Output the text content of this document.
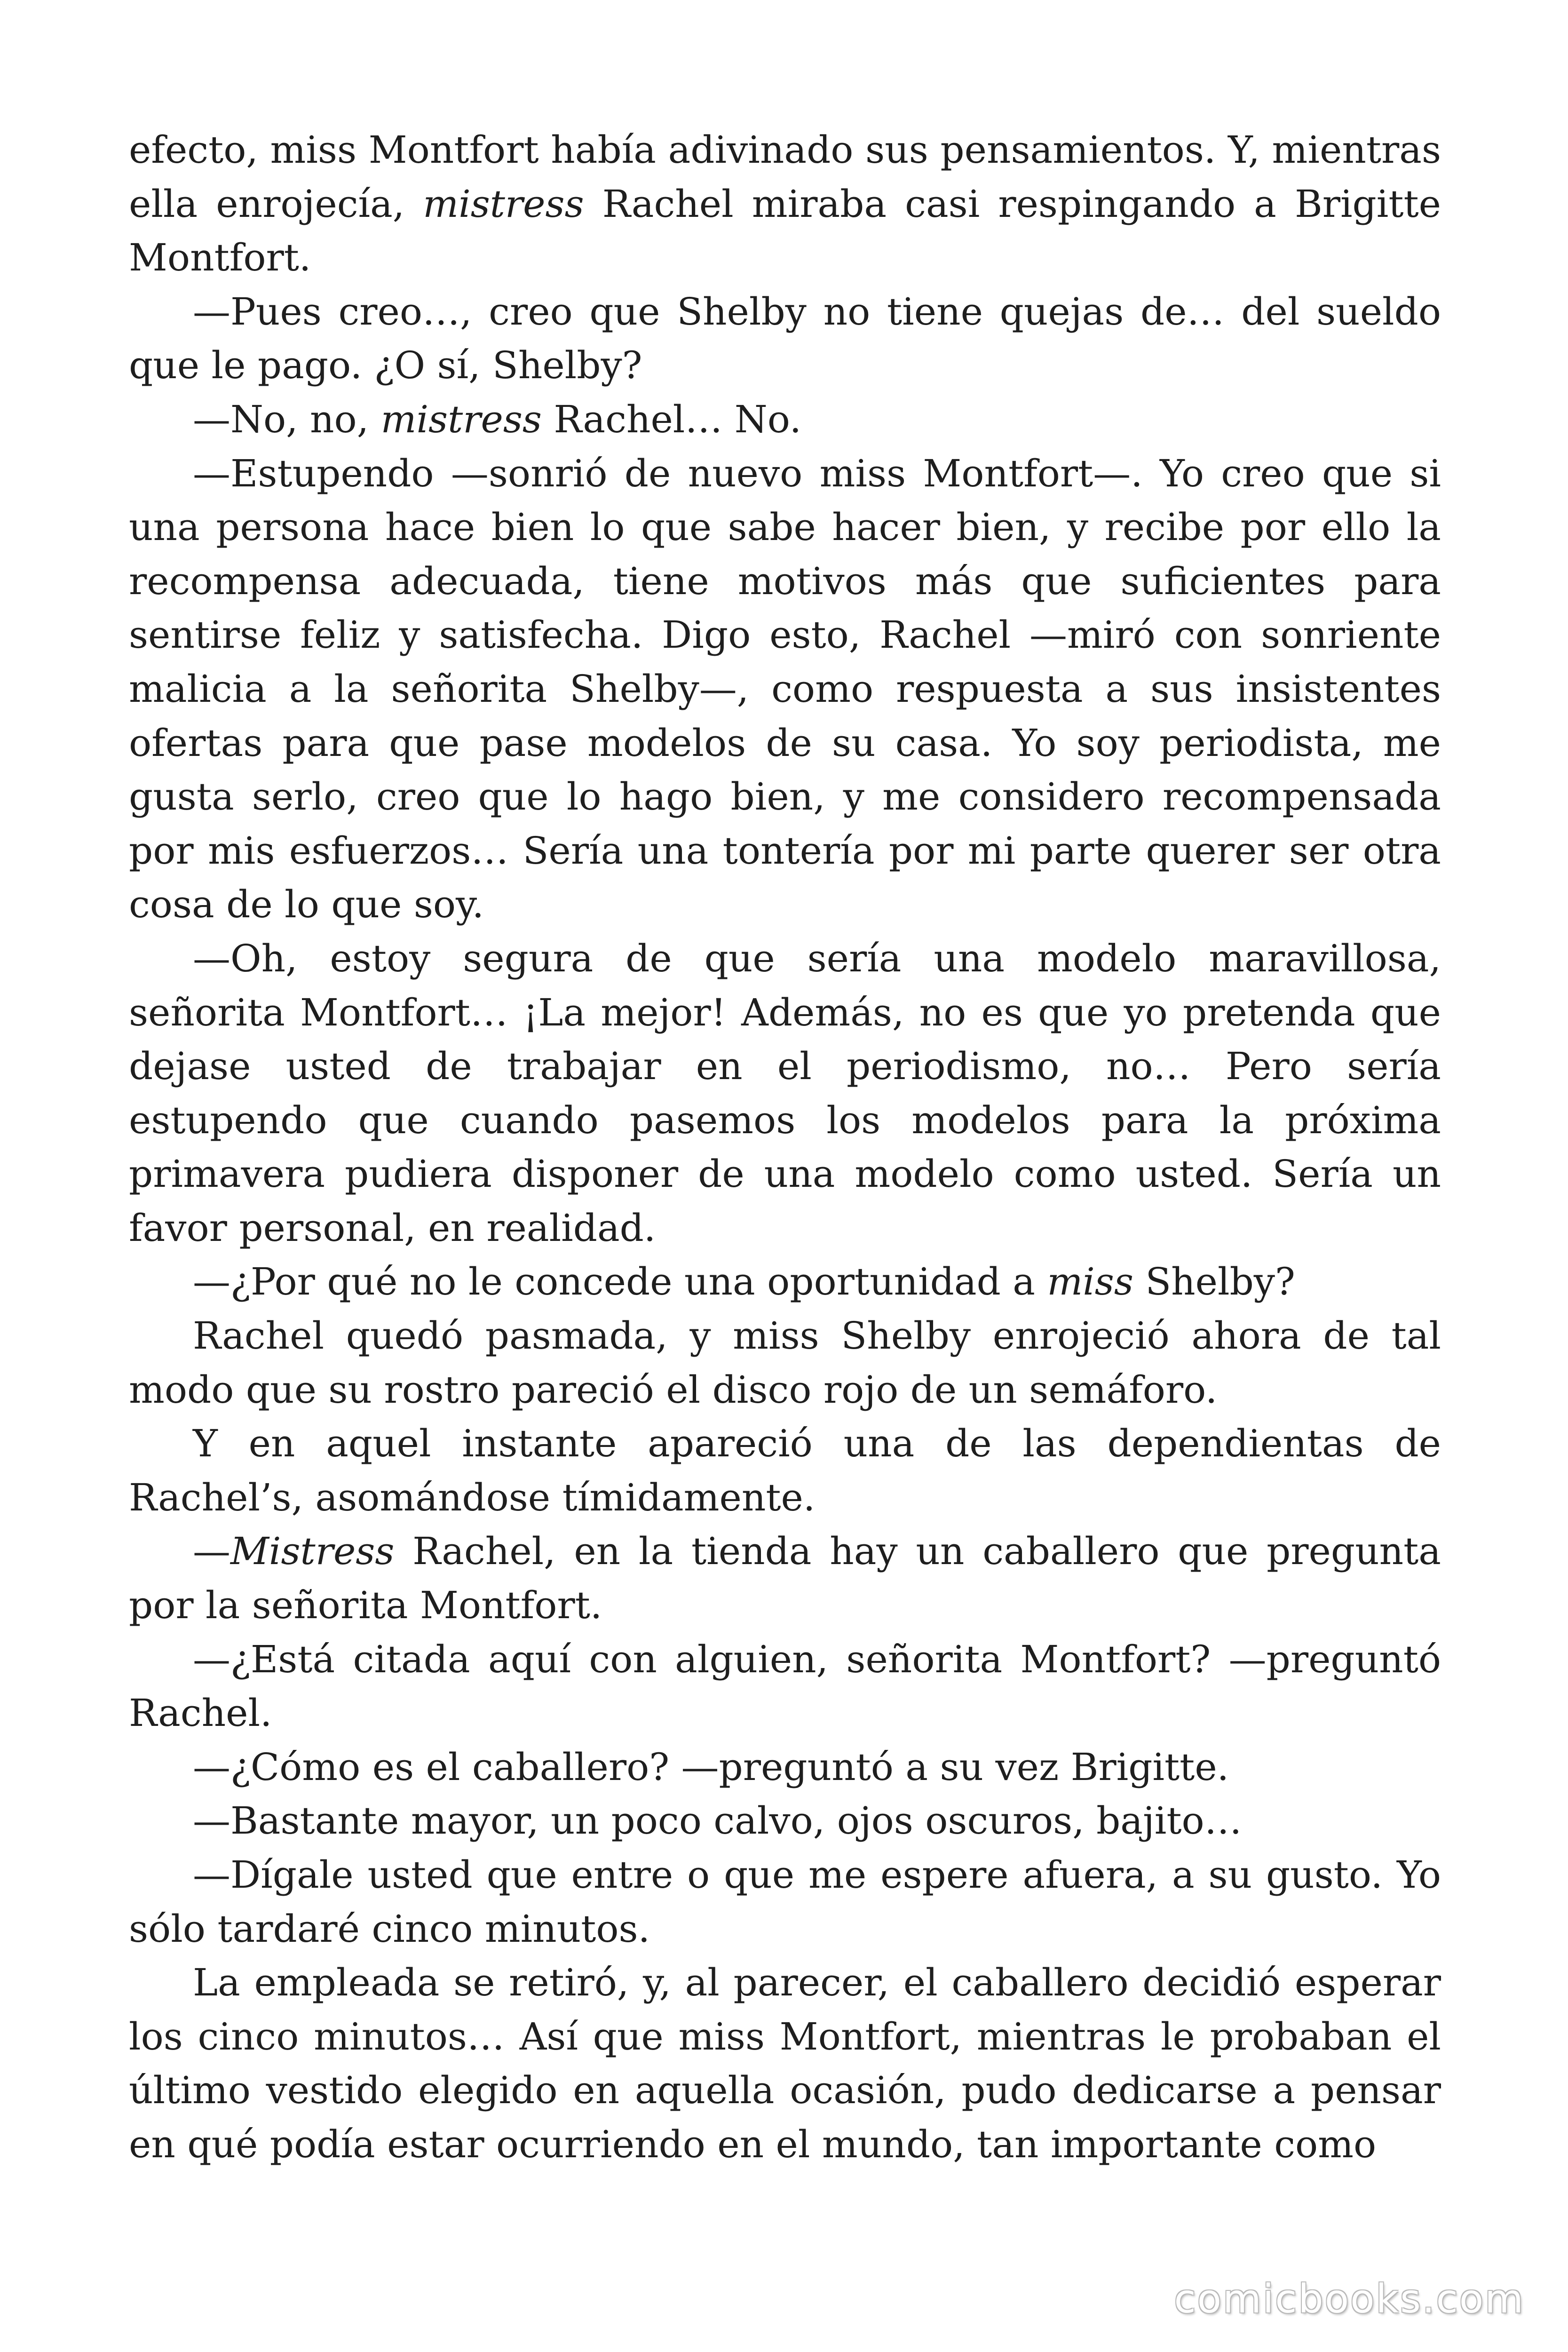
efecto, miss Montfort había adivinado sus pensamientos. Y, mientras ella enrojecía, mistress Rachel miraba casi respingando a Brigitte Montfort.

—Pues creo…, creo que Shelby no tiene quejas de… del sueldo que le pago. ¿O sí, Shelby?

—No, no, mistress Rachel… No.

—Estupendo —sonrió de nuevo miss Montfort—. Yo creo que si una persona hace bien lo que sabe hacer bien, y recibe por ello la recompensa adecuada, tiene motivos más que suficientes para sentirse feliz y satisfecha. Digo esto, Rachel —miró con sonriente malicia a la señorita Shelby—, como respuesta a sus insistentes ofertas para que pase modelos de su casa. Yo soy periodista, me gusta serlo, creo que lo hago bien, y me considero recompensada por mis esfuerzos… Sería una tontería por mi parte querer ser otra cosa de lo que soy.

—Oh, estoy segura de que sería una modelo maravillosa, señorita Montfort… ¡La mejor! Además, no es que yo pretenda que dejase usted de trabajar en el periodismo, no… Pero sería estupendo que cuando pasemos los modelos para la próxima primavera pudiera disponer de una modelo como usted. Sería un favor personal, en realidad.

—¿Por qué no le concede una oportunidad a miss Shelby?

Rachel quedó pasmada, y miss Shelby enrojeció ahora de tal modo que su rostro pareció el disco rojo de un semáforo.

Y en aquel instante apareció una de las dependientas de Rachel’s, asomándose tímidamente.

—Mistress Rachel, en la tienda hay un caballero que pregunta por la señorita Montfort.

—¿Está citada aquí con alguien, señorita Montfort? —preguntó Rachel.

—¿Cómo es el caballero? —preguntó a su vez Brigitte.

—Bastante mayor, un poco calvo, ojos oscuros, bajito…

—Dígale usted que entre o que me espere afuera, a su gusto. Yo sólo tardaré cinco minutos.

La empleada se retiró, y, al parecer, el caballero decidió esperar los cinco minutos… Así que miss Montfort, mientras le probaban el último vestido elegido en aquella ocasión, pudo dedicarse a pensar en qué podía estar ocurriendo en el mundo, tan importante como

comicbooks.com
